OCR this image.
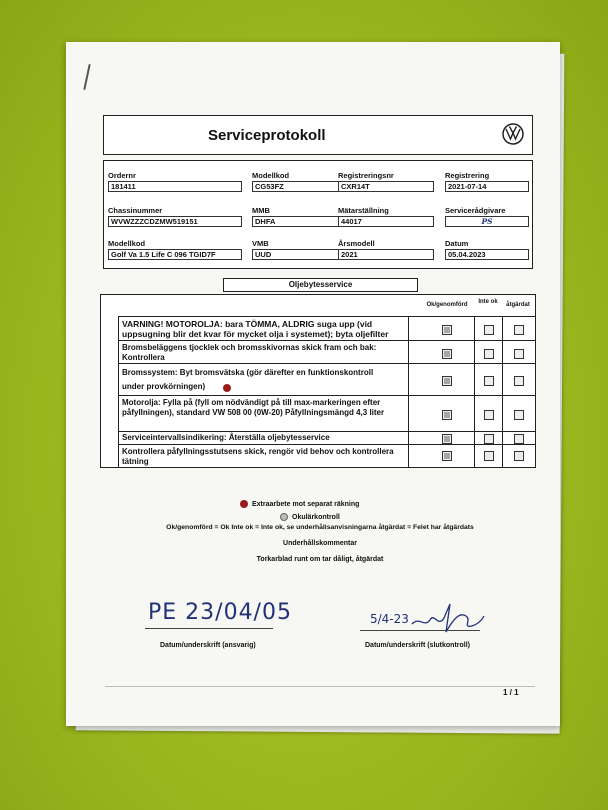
Serviceprotokoll
Ordernr
181411
Modellkod
CG53FZ
Registreringsnr
CXR14T
Registrering
2021-07-14
Chassinummer
WVWZZZCDZMW519151
MMB
DHFA
Mätarställning
44017
Servicerådgivare
PS
Modellkod
Golf Va 1.5 Life C 096 TGID7F
VMB
UUD
Årsmodell
2021
Datum
05.04.2023
Oljebytesservice
Ok/genomförd	Inte ok	åtgärdat
VARNING! MOTOROLJA: bara TÖMMA, ALDRIG suga upp (vid uppsugning blir det kvar för mycket olja i systemet); byta oljefilter
Bromsbeläggens tjocklek och bromsskivornas skick fram och bak: Kontrollera
Bromssystem: Byt bromsvätska (gör därefter en funktionskontroll under provkörningen)
Motorolja: Fylla på (fyll om nödvändigt på till max-markeringen efter påfyllningen), standard VW 508 00 (0W-20) Påfyllningsmängd 4,3 liter
Serviceintervallsindikering: Återställa oljebytesservice
Kontrollera påfyllningsstutsens skick, rengör vid behov och kontrollera tätning
Extraarbete mot separat räkning
Okulärkontroll
Ok/genomförd = Ok Inte ok = Inte ok, se underhållsanvisningarna åtgärdat = Felet har åtgärdats
Underhållskommentar
Torkarblad runt om tar dåligt, åtgärdat
PE 23/04/05
Datum/underskrift (ansvarig)
5/4-23
Datum/underskrift (slutkontroll)
1 / 1
